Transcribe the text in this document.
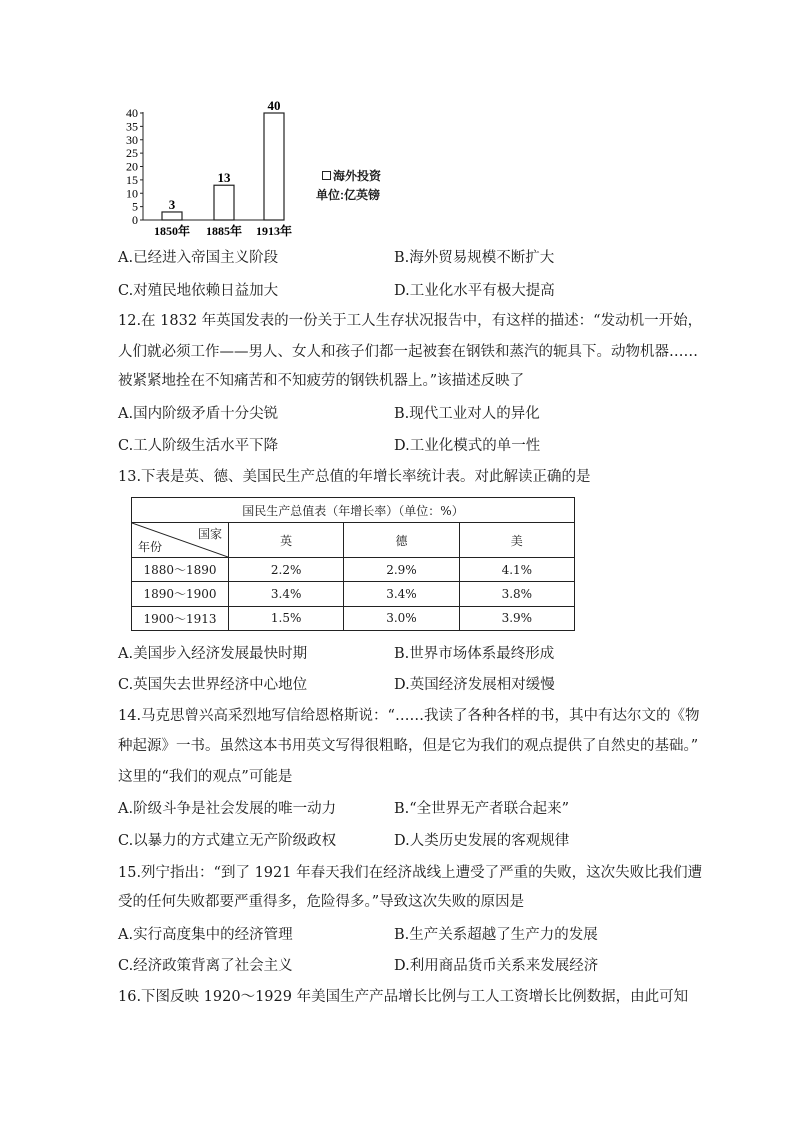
0
5
10
15
20
25
30
35
40
3
1850年
13
1885年
40
1913年
海外投资
单位:亿英镑
A.已经进入帝国主义阶段	B.海外贸易规模不断扩大
C.对殖民地依赖日益加大	D.工业化水平有极大提高
12.在 1832 年英国发表的一份关于工人生存状况报告中，有这样的描述：“发动机一开始，
人们就必须工作——男人、女人和孩子们都一起被套在钢铁和蒸汽的轭具下。动物机器……
被紧紧地拴在不知痛苦和不知疲劳的钢铁机器上。”该描述反映了
A.国内阶级矛盾十分尖锐	B.现代工业对人的异化
C.工人阶级生活水平下降	D.工业化模式的单一性
13.下表是英、德、美国民生产总值的年增长率统计表。对此解读正确的是
国民生产总值表（年增长率）（单位：%）			

国家
年份	英	德	美
1880～1890	2.2%	2.9%	4.1%
1890～1900	3.4%	3.4%	3.8%
1900～1913	1.5%	3.0%	3.9%
A.美国步入经济发展最快时期	B.世界市场体系最终形成
C.英国失去世界经济中心地位	D.英国经济发展相对缓慢
14.马克思曾兴高采烈地写信给恩格斯说：“……我读了各种各样的书，其中有达尔文的《物
种起源》一书。虽然这本书用英文写得很粗略，但是它为我们的观点提供了自然史的基础。”
这里的“我们的观点”可能是
A.阶级斗争是社会发展的唯一动力	B.“全世界无产者联合起来”
C.以暴力的方式建立无产阶级政权	D.人类历史发展的客观规律
15.列宁指出：“到了 1921 年春天我们在经济战线上遭受了严重的失败，这次失败比我们遭
受的任何失败都要严重得多，危险得多。”导致这次失败的原因是
A.实行高度集中的经济管理	B.生产关系超越了生产力的发展
C.经济政策背离了社会主义	D.利用商品货币关系来发展经济
16.下图反映 1920～1929 年美国生产产品增长比例与工人工资增长比例数据，由此可知
